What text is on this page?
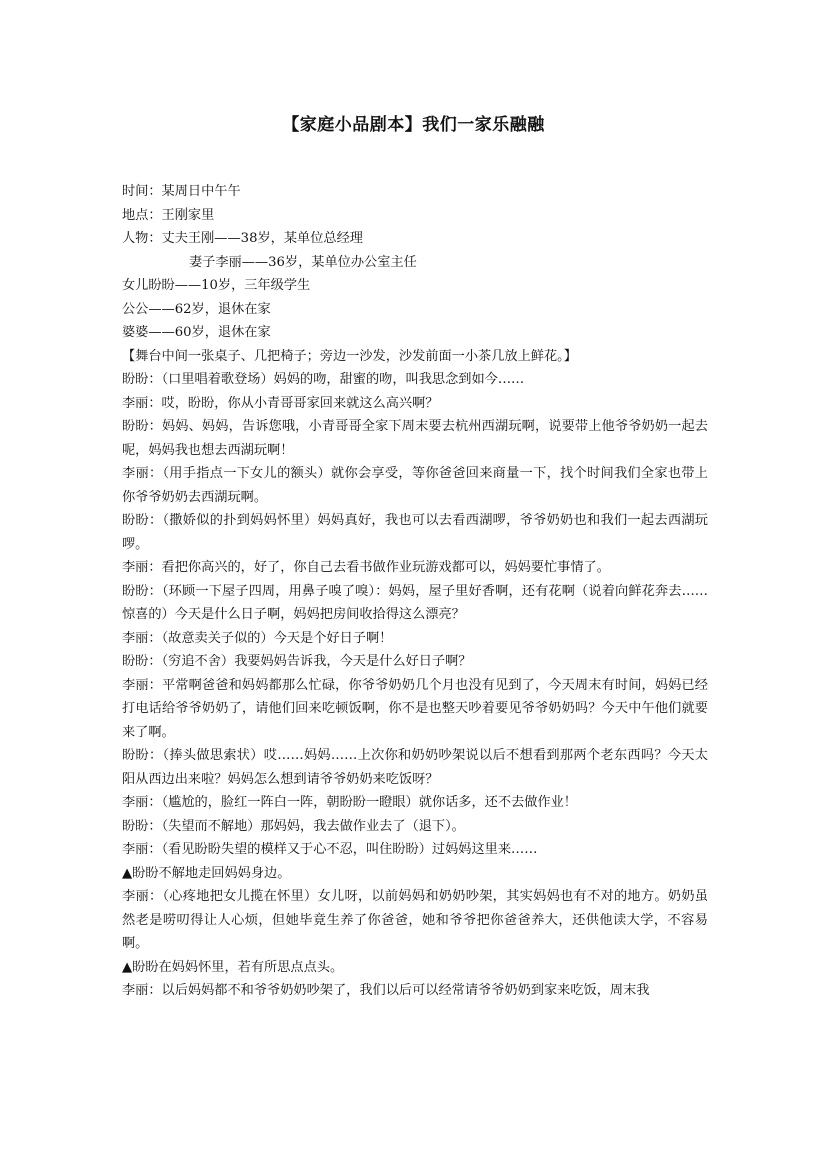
【家庭小品剧本】我们一家乐融融

时间：某周日中午午

地点：王刚家里

人物：丈夫王刚——38岁，某单位总经理

妻子李丽——36岁，某单位办公室主任

女儿盼盼——10岁，三年级学生

公公——62岁，退休在家

婆婆——60岁，退休在家

【舞台中间一张桌子、几把椅子；旁边一沙发，沙发前面一小茶几放上鲜花。】

盼盼：（口里唱着歌登场）妈妈的吻，甜蜜的吻，叫我思念到如今……

李丽：哎，盼盼，你从小青哥哥家回来就这么高兴啊？

盼盼：妈妈、妈妈，告诉您哦，小青哥哥全家下周末要去杭州西湖玩啊，说要带上他爷爷奶奶一起去呢，妈妈我也想去西湖玩啊！

李丽：（用手指点一下女儿的额头）就你会享受，等你爸爸回来商量一下，找个时间我们全家也带上你爷爷奶奶去西湖玩啊。

盼盼：（撒娇似的扑到妈妈怀里）妈妈真好，我也可以去看西湖啰，爷爷奶奶也和我们一起去西湖玩啰。

李丽：看把你高兴的，好了，你自己去看书做作业玩游戏都可以，妈妈要忙事情了。

盼盼：（环顾一下屋子四周，用鼻子嗅了嗅）：妈妈，屋子里好香啊，还有花啊（说着向鲜花奔去……惊喜的）今天是什么日子啊，妈妈把房间收拾得这么漂亮？

李丽：（故意卖关子似的）今天是个好日子啊！

盼盼：（穷追不舍）我要妈妈告诉我，今天是什么好日子啊？

李丽：平常啊爸爸和妈妈都那么忙碌，你爷爷奶奶几个月也没有见到了，今天周末有时间，妈妈已经打电话给爷爷奶奶了，请他们回来吃顿饭啊，你不是也整天吵着要见爷爷奶奶吗？今天中午他们就要来了啊。

盼盼：（捧头做思索状）哎……妈妈……上次你和奶奶吵架说以后不想看到那两个老东西吗？今天太阳从西边出来啦？妈妈怎么想到请爷爷奶奶来吃饭呀？

李丽：（尴尬的，脸红一阵白一阵，朝盼盼一瞪眼）就你话多，还不去做作业！

盼盼：（失望而不解地）那妈妈，我去做作业去了（退下）。

李丽：（看见盼盼失望的模样又于心不忍，叫住盼盼）过妈妈这里来……

▲盼盼不解地走回妈妈身边。

李丽：（心疼地把女儿揽在怀里）女儿呀，以前妈妈和奶奶吵架，其实妈妈也有不对的地方。奶奶虽然老是唠叨得让人心烦，但她毕竟生养了你爸爸，她和爷爷把你爸爸养大，还供他读大学，不容易啊。

▲盼盼在妈妈怀里，若有所思点点头。

李丽：以后妈妈都不和爷爷奶奶吵架了，我们以后可以经常请爷爷奶奶到家来吃饭，周末我
